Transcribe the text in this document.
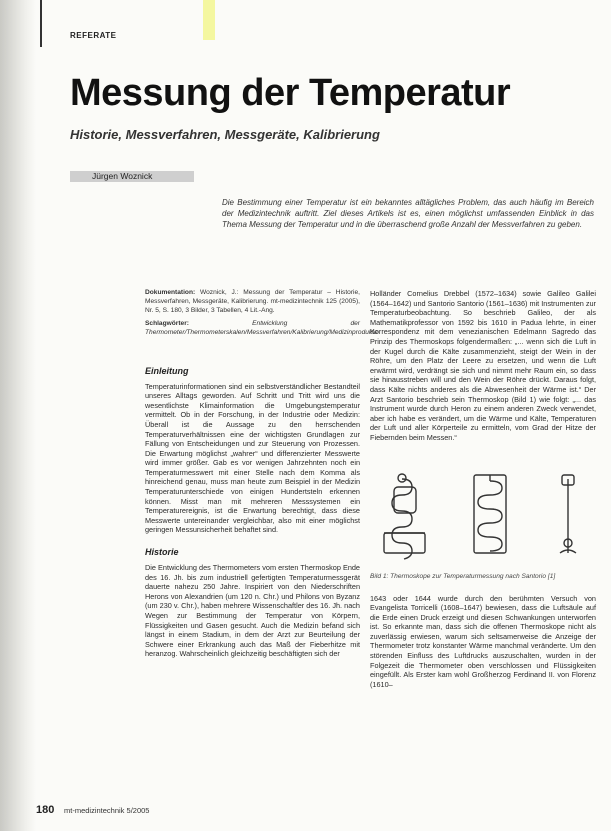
REFERATE
Messung der Temperatur
Historie, Messverfahren, Messgeräte, Kalibrierung
Jürgen Woznick

Die Bestimmung einer Temperatur ist ein bekanntes alltägliches Problem, das auch häufig im Bereich der Medizintechnik auftritt. Ziel dieses Artikels ist es, einen möglichst umfassenden Einblick in das Thema Messung der Temperatur und in die überraschend große Anzahl der Messverfahren zu geben.

Dokumentation: Woznick, J.: Messung der Temperatur – Historie, Messverfahren, Messgeräte, Kalibrierung. mt-medizintechnik 125 (2005), Nr. 5, S. 180, 3 Bilder, 3 Tabellen, 4 Lit.-Ang.

Schlagwörter:	Entwicklung der Thermometer/Thermometerskalen/Messverfahren/Kalibrierung/Medizinprodukte

Einleitung

Temperaturinformationen sind ein selbstverständlicher Bestandteil unseres Alltags geworden. Auf Schritt und Tritt wird uns die wesentlichste Klimainformation die Umgebungstemperatur vermittelt. Ob in der Forschung, in der Industrie oder Medizin: Überall ist die Aussage zu den herrschenden Temperaturverhältnissen eine der wichtigsten Grundlagen zur Fällung von Entscheidungen und zur Steuerung von Prozessen. Die Erwartung möglichst „wahrer“ und differenzierter Messwerte wird immer größer. Gab es vor wenigen Jahrzehnten noch ein Temperaturmesswert mit einer Stelle nach dem Komma als hinreichend genau, muss man heute zum Beispiel in der Medizin Temperaturunterschiede von einigen Hundertsteln erkennen können. Misst man mit mehreren Messsystemen ein Temperaturereignis, ist die Erwartung berechtigt, dass diese Messwerte untereinander vergleichbar, also mit einer möglichst geringen Messunsicherheit behaftet sind.

Historie

Die Entwicklung des Thermometers vom ersten Thermoskop Ende des 16. Jh. bis zum industriell gefertigten Temperaturmessgerät dauerte nahezu 250 Jahre. Inspiriert von den Niederschriften Herons von Alexandrien (um 120 n. Chr.) und Philons von Byzanz (um 230 v. Chr.), haben mehrere Wissenschaftler des 16. Jh. nach Wegen zur Bestimmung der Temperatur von Körpern, Flüssigkeiten und Gasen gesucht. Auch die Medizin befand sich längst in einem Stadium, in dem der Arzt zur Beurteilung der Schwere einer Erkrankung auch das Maß der Fieberhitze mit heranzog. Wahrscheinlich gleichzeitig beschäftigten sich der

Holländer Cornelius Drebbel (1572–1634) sowie Galileo Galilei (1564–1642) und Santorio Santorio (1561–1636) mit Instrumenten zur Temperaturbeobachtung. So beschrieb Galileo, der als Mathematikprofessor von 1592 bis 1610 in Padua lehrte, in einer Korrespondenz mit dem venezianischen Edelmann Sagredo das Prinzip des Thermoskops folgendermaßen: „... wenn sich die Luft in der Kugel durch die Kälte zusammenzieht, steigt der Wein in der Röhre, um den Platz der Leere zu ersetzen, und wenn die Luft erwärmt wird, verdrängt sie sich und nimmt mehr Raum ein, so dass sie hinausstreben will und den Wein der Röhre drückt. Daraus folgt, dass Kälte nichts anderes als die Abwesenheit der Wärme ist.“ Der Arzt Santorio beschrieb sein Thermoskop (Bild 1) wie folgt: „... das Instrument wurde durch Heron zu einem anderen Zweck verwendet, aber ich habe es verändert, um die Wärme und Kälte, Temperaturen der Luft und aller Körperteile zu ermitteln, vom Grad der Hitze der Fiebernden beim Messen.“

Bild 1: Thermoskope zur Temperaturmessung nach Santorio [1]

1643 oder 1644 wurde durch den berühmten Versuch von Evangelista Torricelli (1608–1647) bewiesen, dass die Luftsäule auf die Erde einen Druck erzeigt und diesen Schwankungen unterworfen ist. So erkannte man, dass sich die offenen Thermoskope nicht als zuverlässig erwiesen, warum sich seltsamerweise die Anzeige der Thermometer trotz konstanter Wärme manchmal veränderte. Um den störenden Einfluss des Luftdrucks auszuschalten, wurden in der Folgezeit die Thermometer oben verschlossen und Flüssigkeiten eingefüllt. Als Erster kam wohl Großherzog Ferdinand II. von Florenz (1610–

180 mt-medizintechnik 5/2005
